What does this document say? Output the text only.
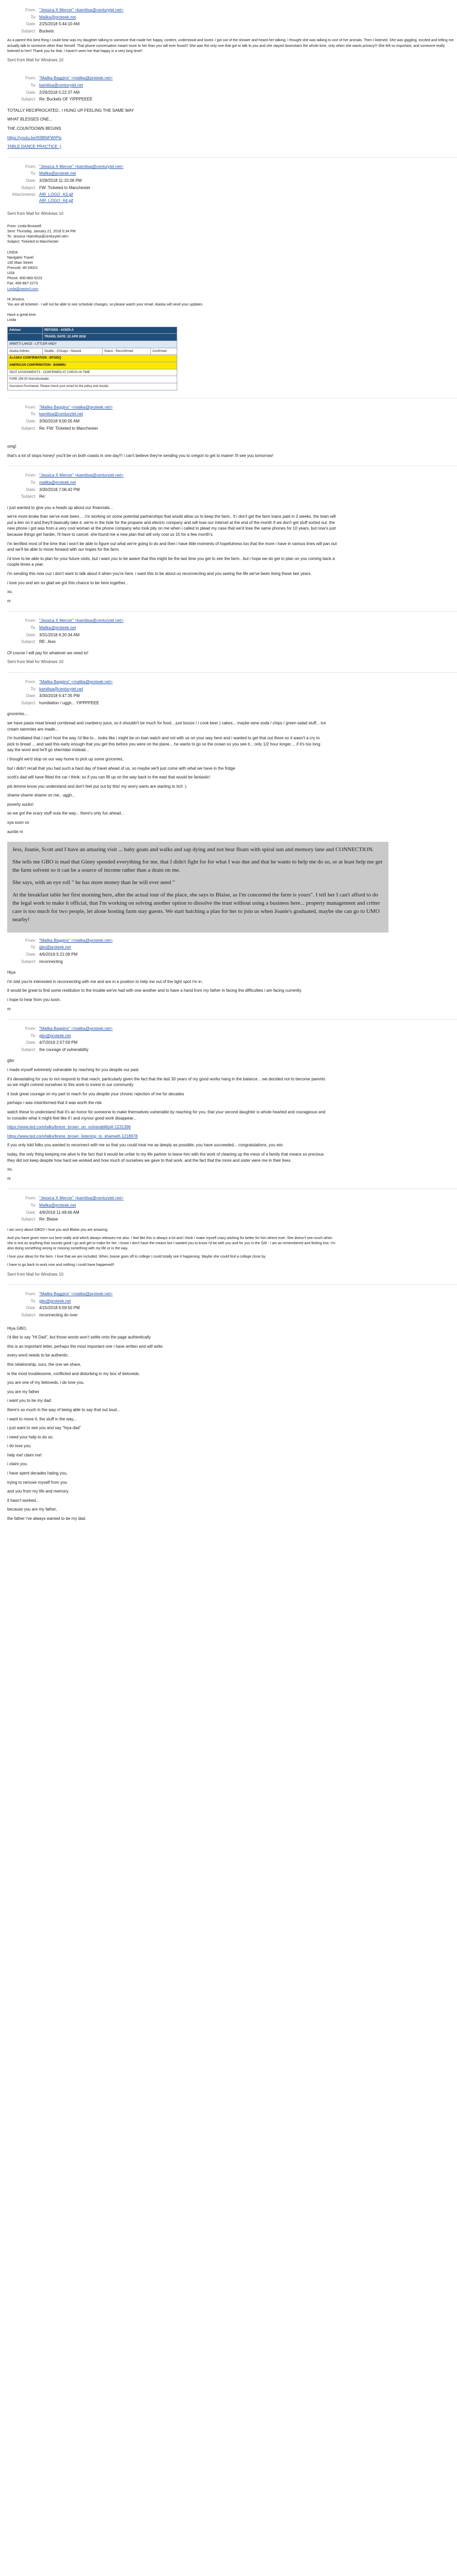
From: "Jessica X Mercer" <kamilisa@centurytel.net>
To: Malika@proteek.net
Date: 2/25/2018 5:44:10 AM
Subject: Buckets

As a parent this best thing I could hear was my daughter talking to someone that made her happy, content, understood and loved. I got out of the shower and heard her talking. I thought she was talking to one of her animals. Then I listened. She was giggling, excited and telling me actually talk to someone other than herself. That phone conversation meant more to her than you will ever know!!! She was the only one that got to talk to you and she stayed downstairs the whole time, only when she wants privacy!!! She felt so important, and someone really listened to her!! Thank you for that, I haven't seen her that happy in a very long time!!

Sent from Mail for Windows 10
From: "Malika Baggins" <malika@proteek.net>
To: kamilisa@centurytel.net
Date: 2/26/2018 5:22:37 AM
Subject: Re: Buckets OF YIPPPEEEE

TOTALLY RECIPROCATED.. I HUNG UP FEELING THE SAME WAY

WHAT BLESSES ONE...

THE COUNTDOWN BEGINS

https://youtu.be/I59BNFWIPIs

TABLE DANCE PRACTICE :)

From: "Jessica X Mercer" <kamilisa@centurytel.net>
To: Malika@proteek.net
Date: 3/28/2018 11:15:06 PM
Subject: FW: Ticketed to Manchester
Attachments: AIR_LOGO_A3.gif
AIR_LOGO_A4.gif
Sent from Mail for Windows 10
From: Linda Broswell
Sent: Thursday, January 21, 2018 5:34 PM
To: Jessica <kamilisa@centurytel.net>
Subject: Ticketed to Manchester

LINDA
Navigator Travel
130 Main Street
Prescott, WI 54021
USA
Phone: 800-883-5223
Fax: 406-887-2273
Linda@navtrvl.com

Hi Jessica,
You are all ticketed - I will not be able to see schedule changes, so please watch your email. Alaska will send your updates.

Have a great time.
Linda
Advisor	REF/GDS - AC6Z5-A		
	TRAVEL DATE: 22 APR 2018		
ARBITTI LANCE - LITTLER ANDY			
Alaska Airlines	Seattle - Chicago - Newark	Status - Reconfirmed	Confirmed
ALASKA CONFIRMATION - BFSIDQ			
AMERICAN CONFIRMATION - BSIMMU			
SEAT ASSIGNMENTS - CONFIRMED AT CHECK-IN TIME			
FARE 259.00 Nonrefundable			
Insurance Purchased. Please check your email for the policy and receipt.			
From: "Malika Baggins" <malika@proteek.net>
To: kamilisa@centurytel.net
Date: 3/30/2018 9:00:05 AM
Subject: Re: FW: Ticketed to Manchester

omg!

that's a lot of stops honey! you'll be on both coasts in one day!!! i can't believe they're sending you to oregon to get to maine! i'll see you tomorrow!

From: "Jessica X Mercer" <kamilisa@centurytel.net>
To: malika@proteek.net
Date: 3/30/2018 7:06:42 PM
Subject: Re:

i just wanted to give you a heads up about our financials...

we're more broke than we've ever been.... i'm working on some potential partnerships that would allow us to keep the farm.. if i don't get the farm loans paid in 2 weeks, the town will put a lien on it and they'll basically take it. we're in the hole for the propane and electric company and will lose our internet at the end of the month if we don't get stuff sorted out. the new phone i got was from a very cool woman at the phone company who took pity on me when i called to plead my case that we'd lose the same phones for 10 years, but now's just because things get harder, i'll have to cancel. she found me a new plan that will only cost us 15 for a few month's.

i'm terrified most of the time that i won't be able to figure out what we're going to do and then i have little moments of hopefulness too that the more i have in various lines will pan out and we'll be able to move forward with our hopes for the farm.

i'd love to be able to plan for your future visits, but i want you to be aware that this might be the last time you get to see the farm.. but i hope we do get to plan on you coming back a couple times a year.

i'm sending this now cuz i don't want to talk about it when you're here. i want this to be about us reconnecting and you seeing the life we've been living these last years.

i love you and am so glad we got this chance to be here together...

xo,

m

From: "Jessica X Mercer" <kamilisa@centurytel.net>
To: Malika@proteek.net
Date: 3/31/2018 6:20:34 AM
Subject: RE: Jess

Of course I will pay for whatever we need to!

Sent from Mail for Windows 10
From: "Malika Baggins" <malika@proteek.net>
To: kamilisa@centurytel.net
Date: 3/30/2018 6:47:35 PM
Subject: humiliation / uggh... YIPPPPEEE

groceries...

we have pasta meat bread cornbread and cranberry juice, so it shouldn't be much for food... just booze / i cook beer ) cakes... maybe wine soda / chips / green salad stuff... ice cream sammies are made...

i'm humiliated that i can't host the way i'd like to... looks like i might be on loan watch and not with us on your way here and i wanted to get that out there so it wasn't a cry to pick to bread ... and said this early enough that you get this before you were on the plane... he wants to go so the ocean so you see it... only 1/2 hour longer.... if it's too long say the word and he'll go sherridan instead...

i thought we'd stop on our way home to pick up some groceries,

but i didn't recall that you had such a hard day of travel ahead of us, so maybe we'll just come with what we have in the fridge

scott's dad will have fitted the car i think; so if you can fill up on the way back to the east that would be fantastic!

pls lemme know you understand and don't feel put out by this! my worry warts are starting to itch :)

shame shame shame on me.. uggh...

poverty sucks!

so we got the scary stuff outa the way... there's only fun ahead...

sya soon xo

auntie m

Jess, Joanie, Scott and I have an amazing visit ... baby goats and walks and sap dying and not bear floats with spiral sun and memory lane and CONNECTION.

She tells me GBO is mad that Ginny spended everything for me, that I didn't fight for for what I was due and that he wants to help me do so, or at least help me get the farm solvent so it can be a source of income rather than a drain on me.

She says, with an eye roll " he has more money than he will ever need "

At the breakfast table her first morning here, after the actual tour of the place, she says to Blaise, as I'm concerned the farm is yours". I tell her I can't afford to do the legal work to make it official, that I'm working on solving another option to dissolve the trust without using a business here... property management and critter care is too much for two people, let alone hosting farm stay guests. We start hatching a plan for her to join us when Joanie's graduated, maybe she can go to UMO nearby!

From: "Malika Baggins" <malika@proteek.net>
To: gbo@proteek.net
Date: 4/6/2018 5:21:08 PM
Subject: reconnecting

Hiya

i'm told you're interested in reconnecting with me and are in a position to help me out of the tight spot i'm in.

it would be great to find some restitution to the trouble we've had with one another and to have a hand from my father in facing the difficulties i am facing currently.

i hope to hear from you soon.

m

From: "Malika Baggins" <malika@proteek.net>
To: gbo@proteek.net
Date: 4/7/2018 2:57:59 PM
Subject: the courage of vulnerability

gbo

i made myself extremely vulnerable by reaching for you despite our past

it's devastating for you to not respond to that reach, particularly given the fact that the last 30 years of my good works hang in the balance... we decided not to become parents so we might commit ourselves to this work to invest in our community

it took great courage on my part to reach for you despite your chronic rejection of me for decades

perhaps i was misinformed that it was worth the risk

watch these to understand that it's an honor for someone to make themselves vulnerable by reaching for you, that your second daughter is whole hearted and courageous and to consider what it might feel like if i and my/our good work disappear...

https://www.ted.com/talks/brene_brown_on_vulnerability#t-1231396

https://www.ted.com/talks/brene_brown_listening_to_shame#t-1218978

if you only told folks you wanted to reconnect with me so that you could treat me as deeply as possible, you have succeeded... congratulations, you win.

today, the only thing keeping me alive is the fact that it would be unfair to my life partner to leave him with the work of cleaning up the mess of a family that means so precious they did not keep despite how hard we worked and how much of ourselves we gave to that work. and the fact that the more and sister were me in their lives.

xo,

m

From: "Jessica X Mercer" <kamilisa@centurytel.net>
To: Malika@proteek.net
Date: 4/9/2018 11:49:46 AM
Subject: Re: Blaise

I am sorry about GBO!!! I love you and Blaise you are amazing.

And you have given mom our best really and which always releases me also. I feel like this is always a lot and I think I make myself crazy wishing for better for him where ever. She doesn't see much when she is lost as anything that sounds good I go and get to make for her. I know I don't have the means but I wanted you to know I'd be with you and for you in the GM - I am as remembered and feeling lost. I'm also doing something wrong or missing something with my life or in the way.

I love your ideas for the farm. I love that we are included. When Joanie goes off to college I could totally see it happening. Maybe she could find a college close by.

I have to go back to work now and nothing I could have happened!!

Sent from Mail for Windows 10
From: "Malika Baggins" <malika@proteek.net>
To: gbo@proteek.net
Date: 4/15/2018 6:59:50 PM
Subject: reconnecting do over

Hiya GBO,

i'd like to say "Hi Dad", but those words won't settle onto the page authentically

this is an important letter, perhaps the most important one i have written and will write.

every word needs to be authentic.

this relationship, ours, the one we share,

is the most troublesome, conflicted and disturbing in my box of beloveds.

you are one of my beloveds, i do love you.

you are my father

i want you to be my dad.

there's so much in the way of being able to say that out loud...

i want to move it, the stuff in the way...

i just want to see you and say "hiya dad"

i need your help to do so.

i do love you.

help me! claim me!

i claim you.

i have spent decades hating you,

trying to remove myself from you

and you from my life and memory.

it hasn't worked...

because you are my father,

the father i've always wanted to be my dad.
